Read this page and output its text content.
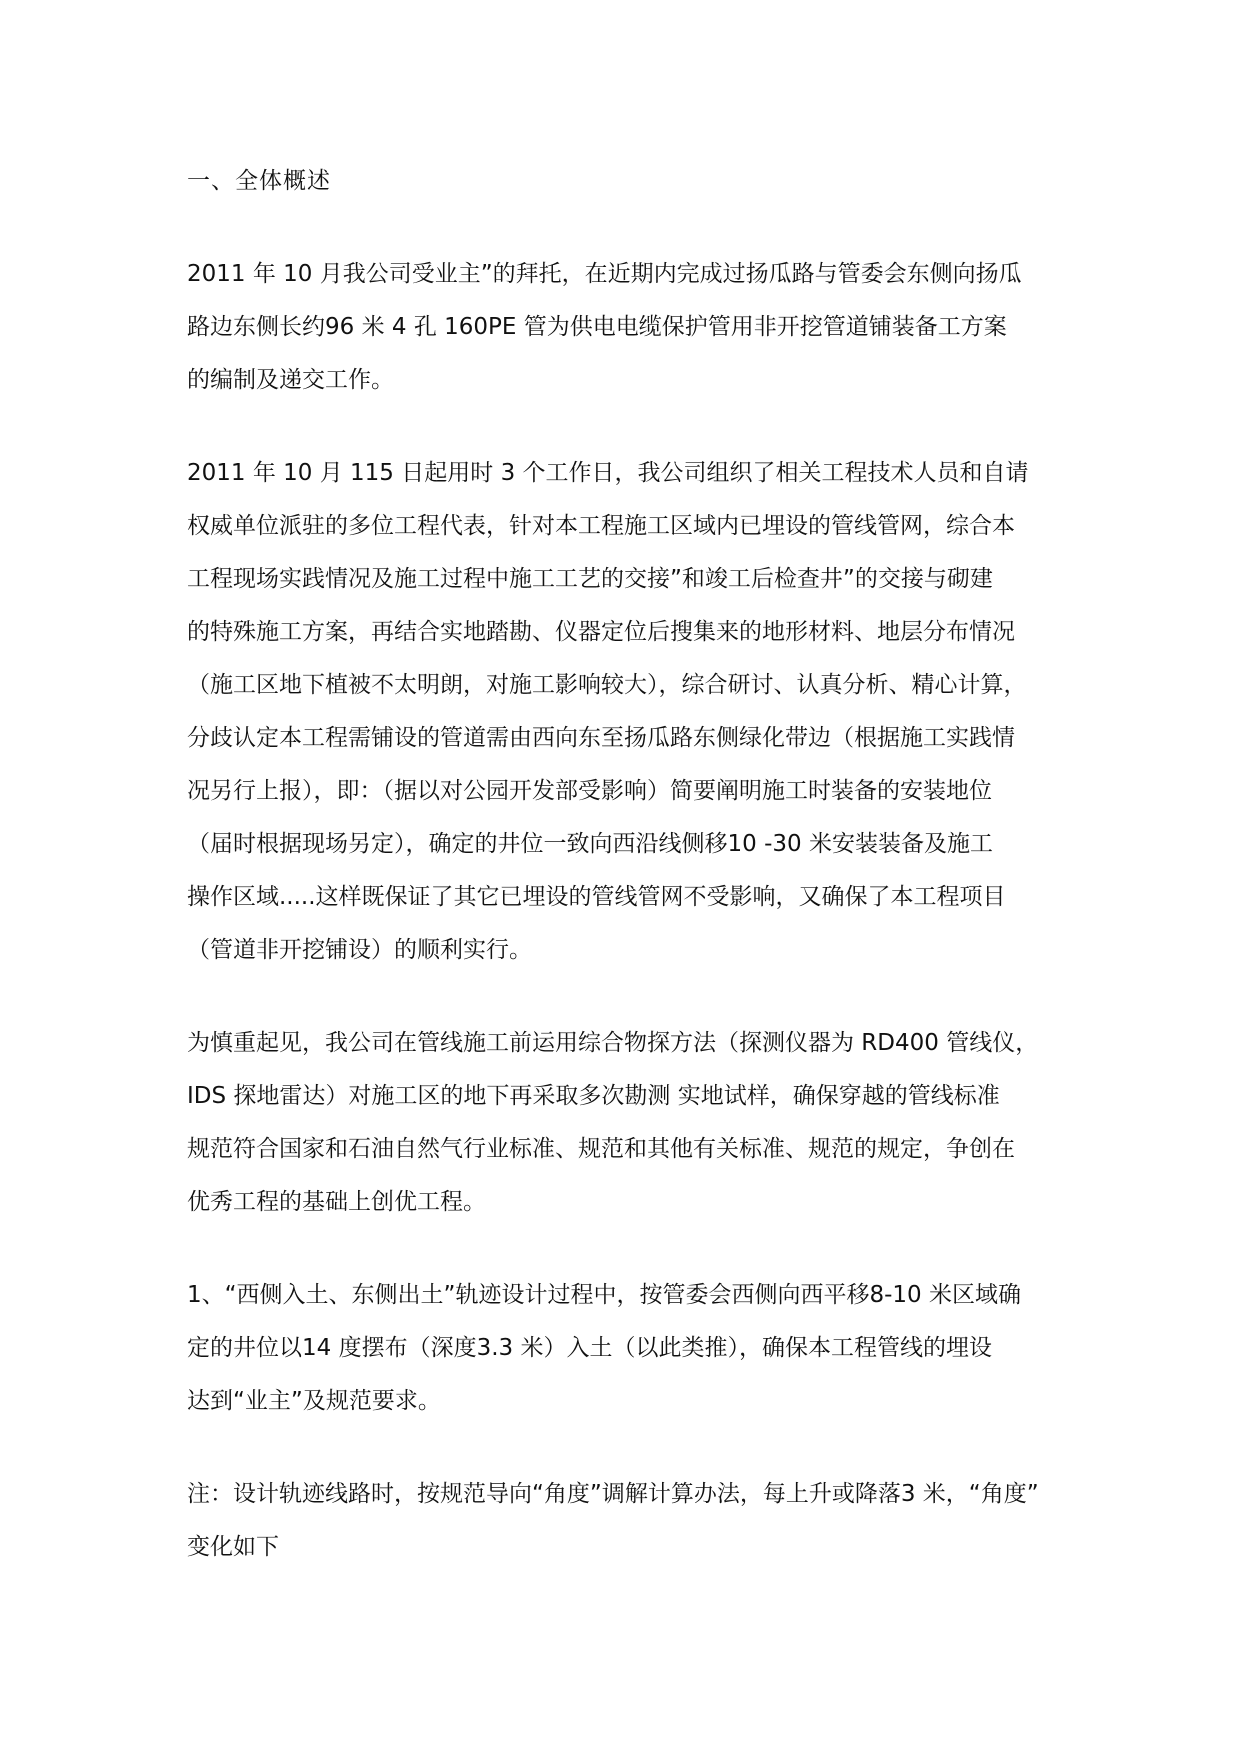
一、全体概述
2011 年 10 月我公司受业主”的拜托，在近期内完成过扬瓜路与管委会东侧向扬瓜
路边东侧长约96 米 4 孔 160PE 管为供电电缆保护管用非开挖管道铺装备工方案
的编制及递交工作。
2011 年 10 月 115 日起用时 3 个工作日，我公司组织了相关工程技术人员和自请
权威单位派驻的多位工程代表，针对本工程施工区域内已埋设的管线管网，综合本
工程现场实践情况及施工过程中施工工艺的交接”和竣工后检查井”的交接与砌建
的特殊施工方案，再结合实地踏勘、仪器定位后搜集来的地形材料、地层分布情况
（施工区地下植被不太明朗，对施工影响较大），综合研讨、认真分析、精心计算，
分歧认定本工程需铺设的管道需由西向东至扬瓜路东侧绿化带边（根据施工实践情
况另行上报），即：（据以对公园开发部受影响）简要阐明施工时装备的安装地位
（届时根据现场另定），确定的井位一致向西沿线侧移10 -30 米安装装备及施工
操作区域.....这样既保证了其它已埋设的管线管网不受影响，又确保了本工程项目
（管道非开挖铺设）的顺利实行。
为慎重起见，我公司在管线施工前运用综合物探方法（探测仪器为 RD400 管线仪，
IDS 探地雷达）对施工区的地下再采取多次勘测 实地试样，确保穿越的管线标准
规范符合国家和石油自然气行业标准、规范和其他有关标准、规范的规定，争创在
优秀工程的基础上创优工程。
1、“西侧入土、东侧出土”轨迹设计过程中，按管委会西侧向西平移8-10 米区域确
定的井位以14 度摆布（深度3.3 米）入土（以此类推），确保本工程管线的埋设
达到“业主”及规范要求。
注：设计轨迹线路时，按规范导向“角度”调解计算办法，每上升或降落3 米，“角度”
变化如下
